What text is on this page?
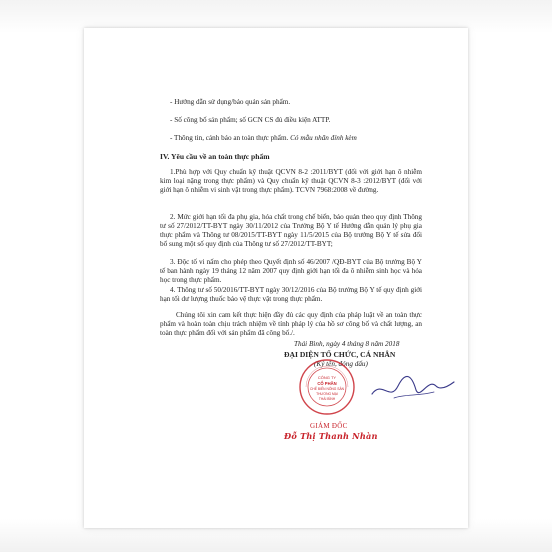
- Hướng dẫn sử dụng/bảo quản sản phẩm.
- Số công bố sản phẩm; số GCN CS đủ điều kiện ATTP.
- Thông tin, cảnh báo an toàn thực phẩm. Có mẫu nhãn đính kèm
IV. Yêu cầu về an toàn thực phẩm
1.Phù hợp với Quy chuẩn kỹ thuật QCVN 8-2 :2011/BYT (đối với giới hạn ô nhiễm kim loại nặng trong thực phẩm) và Quy chuẩn kỹ thuật QCVN 8-3 :2012/BYT (đối với giới hạn ô nhiễm vi sinh vật trong thực phẩm). TCVN 7968:2008 về đường.
2. Mức giới hạn tối đa phụ gia, hóa chất trong chế biến, bảo quản theo quy định Thông tư số 27/2012/TT-BYT ngày 30/11/2012 của Trưởng Bộ Y tế Hướng dẫn quản lý phụ gia thực phẩm và Thông tư 08/2015/TT-BYT ngày 11/5/2015 của Bộ trưởng Bộ Y tế sửa đổi bổ sung một số quy định của Thông tư số 27/2012/TT-BYT;
3. Độc tố vi nấm cho phép theo Quyết định số 46/2007 /QĐ-BYT của Bộ trưởng Bộ Y tế ban hành ngày 19 tháng 12 năm 2007 quy định giới hạn tối đa ô nhiễm sinh học và hóa học trong thực phẩm.
4. Thông tư số 50/2016/TT-BYT ngày 30/12/2016 của Bộ trưởng Bộ Y tế quy định giới hạn tối dư lượng thuốc bảo vệ thực vật trong thực phẩm.
Chúng tôi xin cam kết thực hiện đầy đủ các quy định của pháp luật về an toàn thực phẩm và hoàn toàn chịu trách nhiệm về tính pháp lý của hồ sơ công bố và chất lượng, an toàn thực phẩm đối với sản phẩm đã công bố./.
Thái Bình, ngày 4 tháng 8 năm 2018
ĐẠI DIỆN TỔ CHỨC, CÁ NHÂN
(Ký tên, đóng dấu)
CÔNG TY
CỔ PHẦN
CHẾ BIẾN NÔNG SẢN
THƯƠNG MẠI
THÁI BÌNH
GIÁM ĐỐC
Đỗ Thị Thanh Nhàn
